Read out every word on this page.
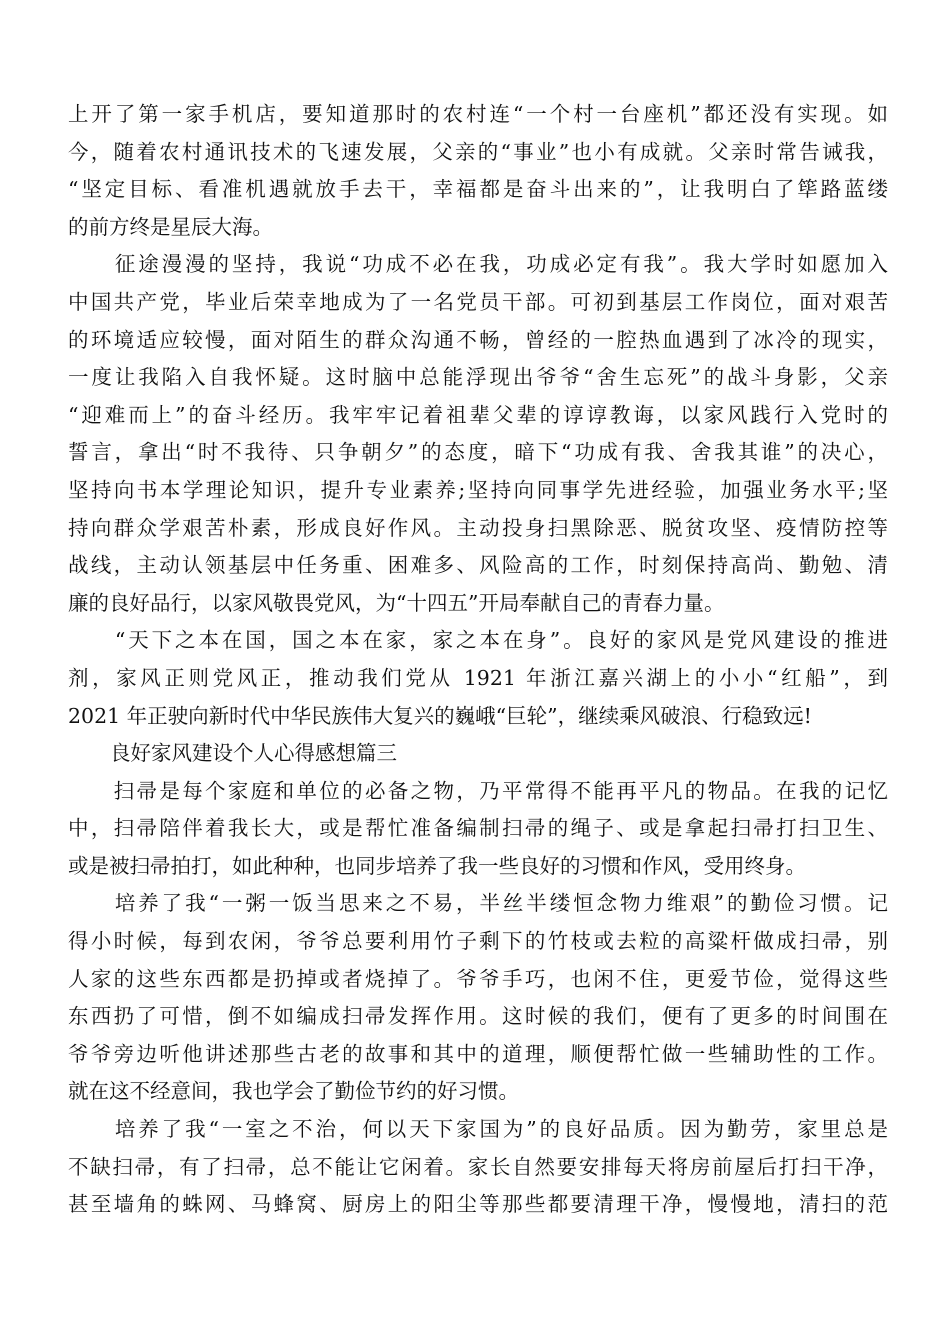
上开了第一家手机店，要知道那时的农村连“一个村一台座机”都还没有实现。如
今，随着农村通讯技术的飞速发展，父亲的“事业”也小有成就。父亲时常告诫我，
“坚定目标、看准机遇就放手去干，幸福都是奋斗出来的”，让我明白了筚路蓝缕
的前方终是星辰大海。
　　征途漫漫的坚持，我说“功成不必在我，功成必定有我”。我大学时如愿加入
中国共产党，毕业后荣幸地成为了一名党员干部。可初到基层工作岗位，面对艰苦
的环境适应较慢，面对陌生的群众沟通不畅，曾经的一腔热血遇到了冰冷的现实，
一度让我陷入自我怀疑。这时脑中总能浮现出爷爷“舍生忘死”的战斗身影，父亲
“迎难而上”的奋斗经历。我牢牢记着祖辈父辈的谆谆教诲，以家风践行入党时的
誓言，拿出“时不我待、只争朝夕”的态度，暗下“功成有我、舍我其谁”的决心，
坚持向书本学理论知识，提升专业素养;坚持向同事学先进经验，加强业务水平;坚
持向群众学艰苦朴素，形成良好作风。主动投身扫黑除恶、脱贫攻坚、疫情防控等
战线，主动认领基层中任务重、困难多、风险高的工作，时刻保持高尚、勤勉、清
廉的良好品行，以家风敬畏党风，为“十四五”开局奉献自己的青春力量。
　　“天下之本在国，国之本在家，家之本在身”。良好的家风是党风建设的推进
剂，家风正则党风正，推动我们党从 1921 年浙江嘉兴湖上的小小“红船”，到
2021 年正驶向新时代中华民族伟大复兴的巍峨“巨轮”，继续乘风破浪、行稳致远!
良好家风建设个人心得感想篇三
　　扫帚是每个家庭和单位的必备之物，乃平常得不能再平凡的物品。在我的记忆
中，扫帚陪伴着我长大，或是帮忙准备编制扫帚的绳子、或是拿起扫帚打扫卫生、
或是被扫帚拍打，如此种种，也同步培养了我一些良好的习惯和作风，受用终身。
　　培养了我“一粥一饭当思来之不易，半丝半缕恒念物力维艰”的勤俭习惯。记
得小时候，每到农闲，爷爷总要利用竹子剩下的竹枝或去粒的高粱杆做成扫帚，别
人家的这些东西都是扔掉或者烧掉了。爷爷手巧，也闲不住，更爱节俭，觉得这些
东西扔了可惜，倒不如编成扫帚发挥作用。这时候的我们，便有了更多的时间围在
爷爷旁边听他讲述那些古老的故事和其中的道理，顺便帮忙做一些辅助性的工作。
就在这不经意间，我也学会了勤俭节约的好习惯。
　　培养了我“一室之不治，何以天下家国为”的良好品质。因为勤劳，家里总是
不缺扫帚，有了扫帚，总不能让它闲着。家长自然要安排每天将房前屋后打扫干净，
甚至墙角的蛛网、马蜂窝、厨房上的阳尘等那些都要清理干净，慢慢地，清扫的范
